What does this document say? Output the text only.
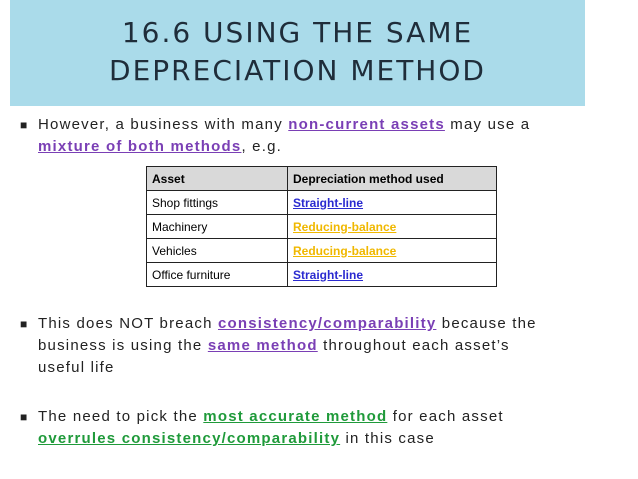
16.6 USING THE SAME
DEPRECIATION METHOD
■ However, a business with many non-current assets may use a
mixture of both methods, e.g.
Asset	Depreciation method used
Shop fittings	Straight-line
Machinery	Reducing-balance
Vehicles	Reducing-balance
Office furniture	Straight-line
■ This does NOT breach consistency/comparability because the
business is using the same method throughout each asset’s
useful life
■ The need to pick the most accurate method for each asset
overrules consistency/comparability in this case
